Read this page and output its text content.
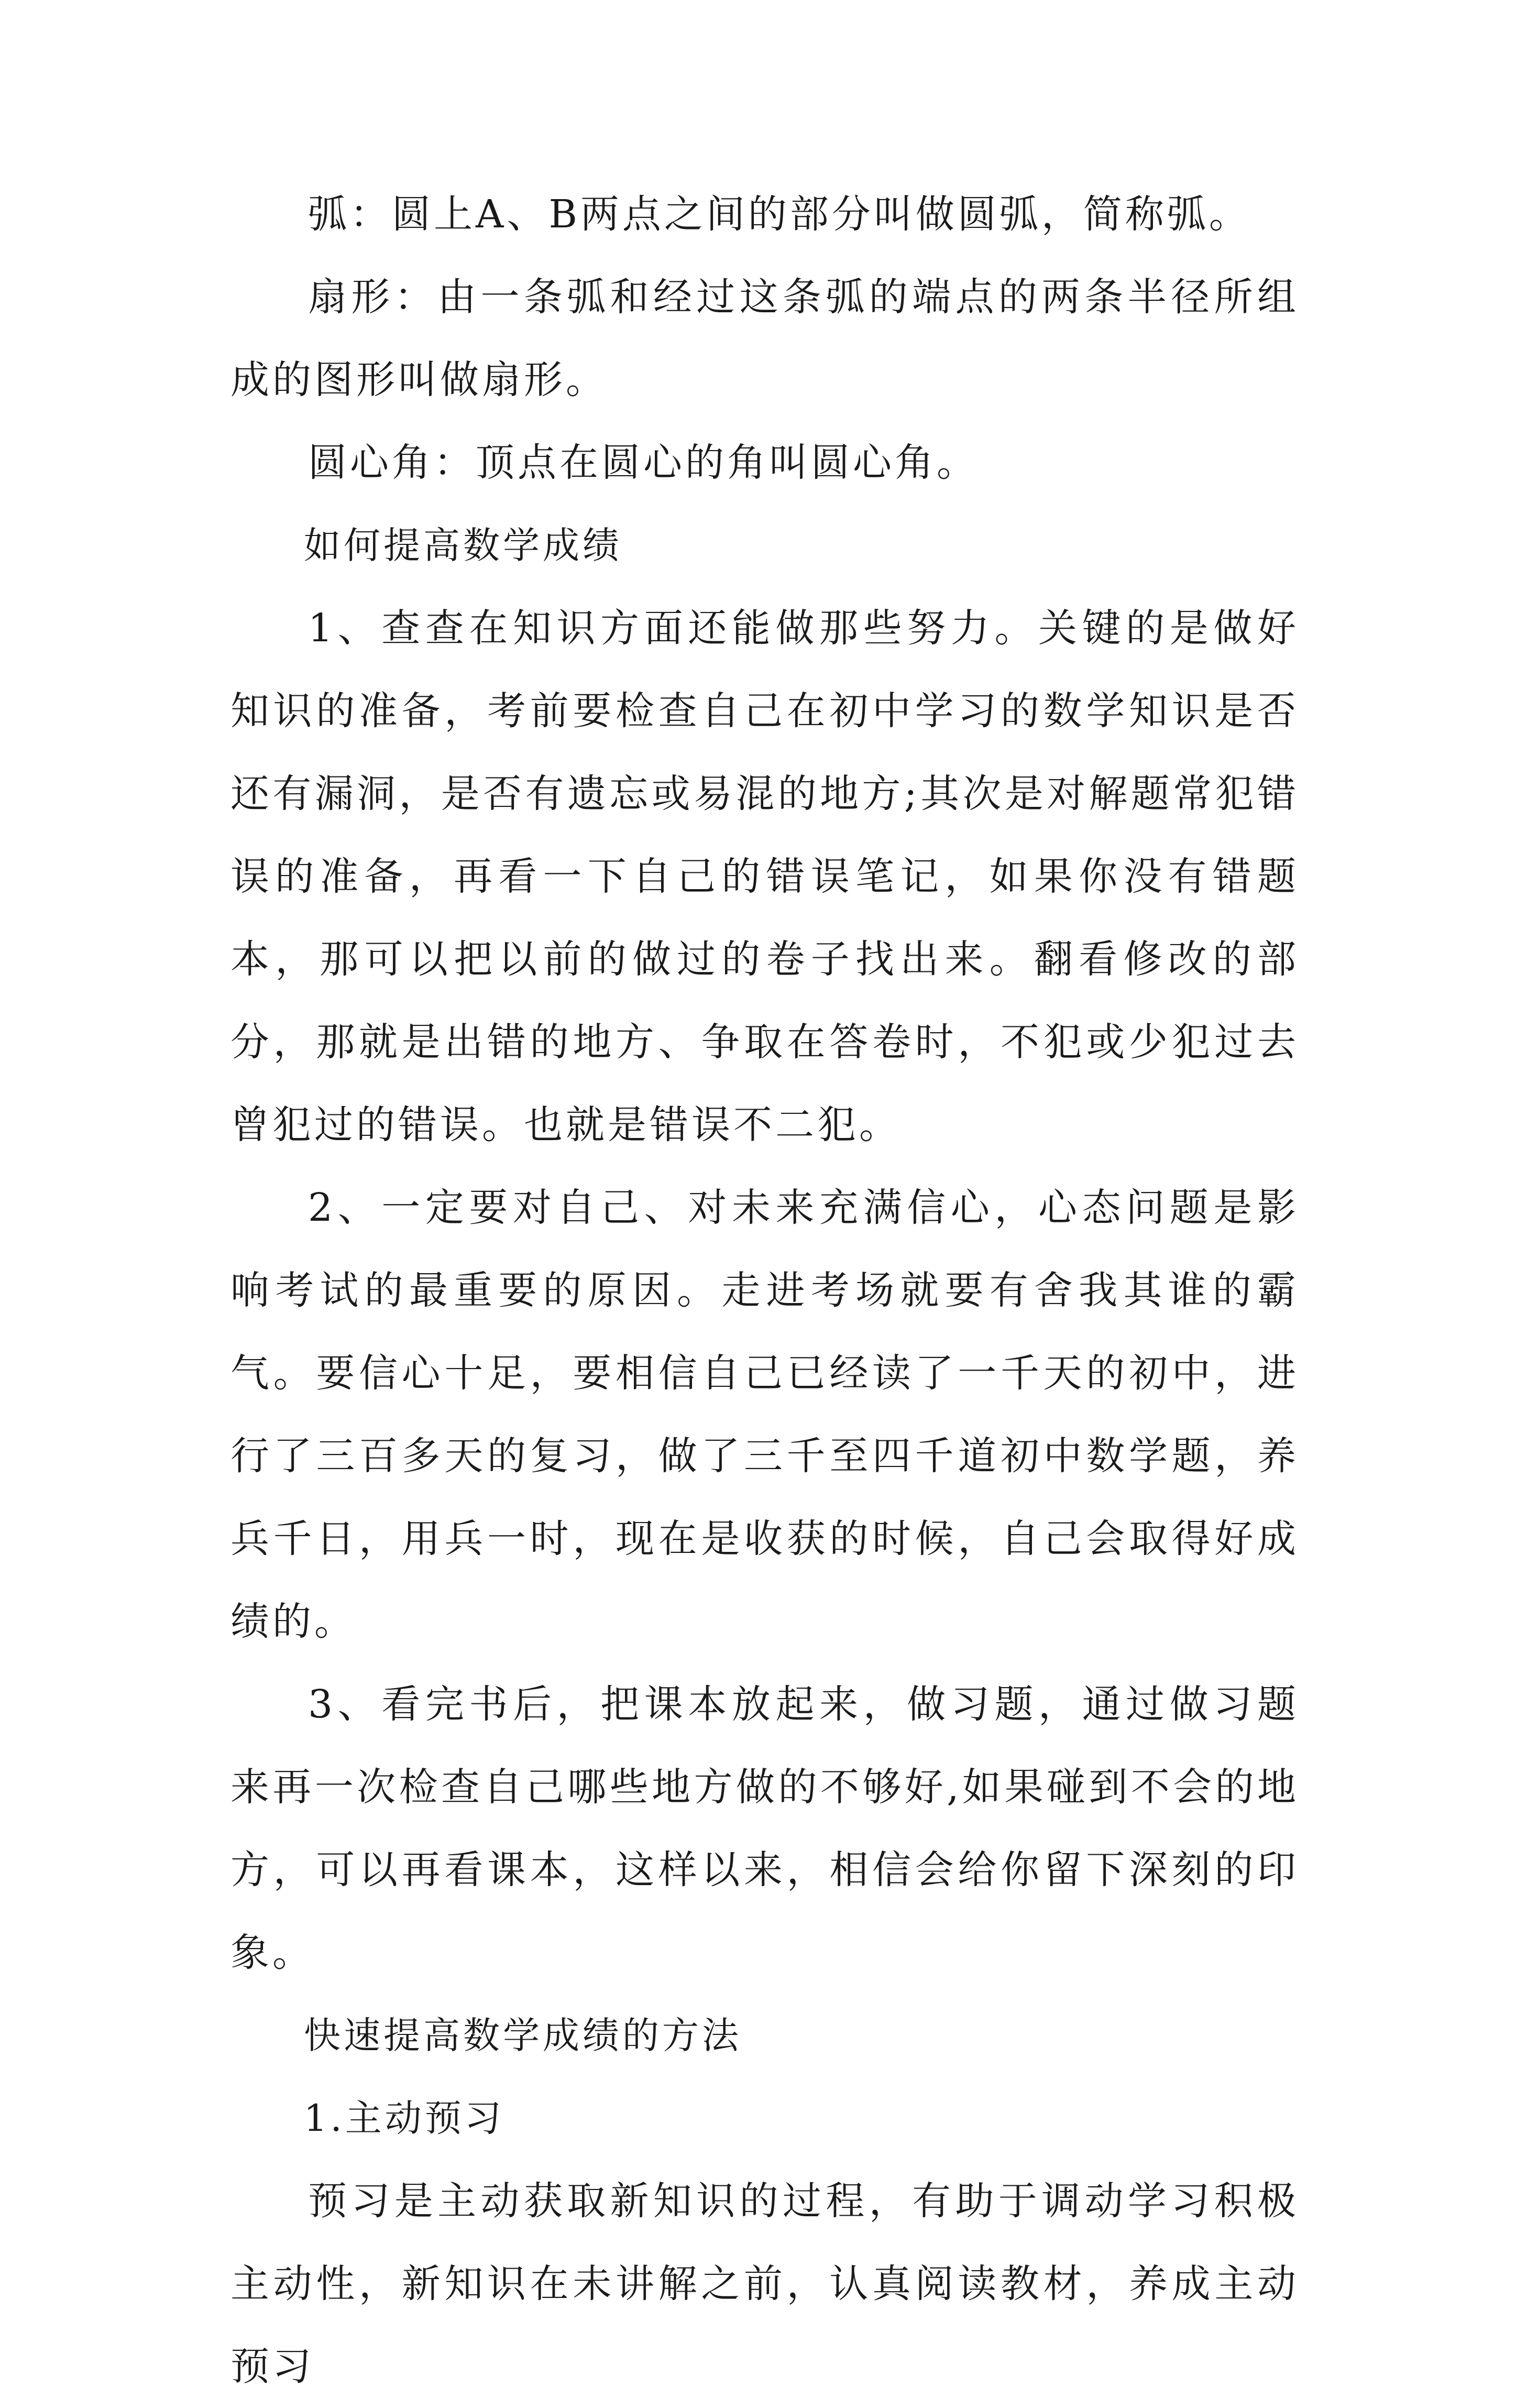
弧：圆上A、B两点之间的部分叫做圆弧，简称弧。

扇形：由一条弧和经过这条弧的端点的两条半径所组成的图形叫做扇形。

圆心角：顶点在圆心的角叫圆心角。

如何提高数学成绩

1、查查在知识方面还能做那些努力。关键的是做好知识的准备，考前要检查自己在初中学习的数学知识是否还有漏洞，是否有遗忘或易混的地方;其次是对解题常犯错误的准备，再看一下自己的错误笔记，如果你没有错题本，那可以把以前的做过的卷子找出来。翻看修改的部分，那就是出错的地方、争取在答卷时，不犯或少犯过去曾犯过的错误。也就是错误不二犯。

2、一定要对自己、对未来充满信心，心态问题是影响考试的最重要的原因。走进考场就要有舍我其谁的霸气。要信心十足，要相信自己已经读了一千天的初中，进行了三百多天的复习，做了三千至四千道初中数学题，养兵千日，用兵一时，现在是收获的时候，自己会取得好成绩的。

3、看完书后，把课本放起来，做习题，通过做习题来再一次检查自己哪些地方做的不够好,如果碰到不会的地方，可以再看课本，这样以来，相信会给你留下深刻的印象。

快速提高数学成绩的方法

1.主动预习

预习是主动获取新知识的过程，有助于调动学习积极主动性，新知识在未讲解之前，认真阅读教材，养成主动预习
